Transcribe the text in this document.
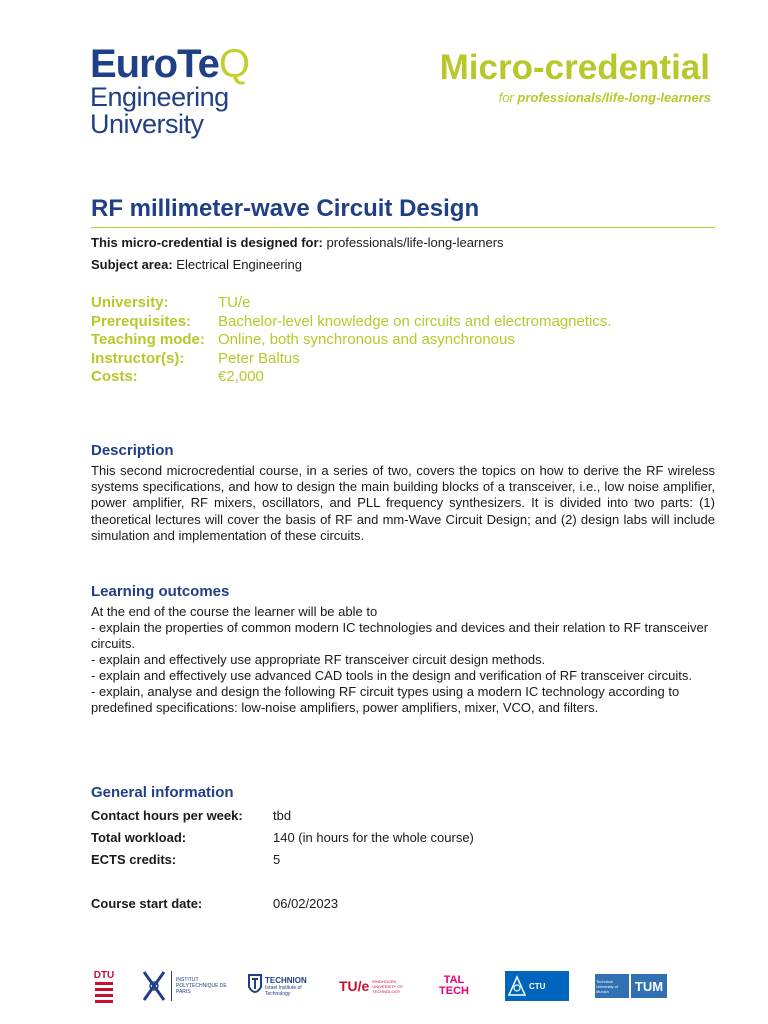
EuroTeQ
Engineering
University
Micro-credential
for professionals/life-long-learners
RF millimeter-wave Circuit Design
This micro-credential is designed for: professionals/life-long-learners
Subject area: Electrical Engineering
University:	TU/e
Prerequisites:	Bachelor-level knowledge on circuits and electromagnetics.
Teaching mode: Online, both synchronous and asynchronous
Instructor(s):	Peter Baltus
Costs:	€2,000
Description

This second microcredential course, in a series of two, covers the topics on how to derive the RF wireless systems specifications, and how to design the main building blocks of a transceiver, i.e., low noise amplifier, power amplifier, RF mixers, oscillators, and PLL frequency synthesizers. It is divided into two parts: (1) theoretical lectures will cover the basis of RF and mm-Wave Circuit Design; and (2) design labs will include simulation and implementation of these circuits.

Learning outcomes
At the end of the course the learner will be able to
- explain the properties of common modern IC technologies and devices and their relation to RF transceiver circuits.
- explain and effectively use appropriate RF transceiver circuit design methods.
- explain and effectively use advanced CAD tools in the design and verification of RF transceiver circuits.
- explain, analyse and design the following RF circuit types using a modern IC technology according to predefined specifications: low-noise amplifiers, power amplifiers, mixer, VCO, and filters.
General information
Contact hours per week:	tbd
Total workload:	140 (in hours for the whole course)
ECTS credits:	5
Course start date:	06/02/2023
DTU	INSTITUT POLYTECHNIQUE DE PARIS
TECHNION
Israel Institute of Technology	TU/e EINDHOVEN UNIVERSITY OF TECHNOLOGY
TAL
TECH	CTU
Technical University of Munich	TUM
